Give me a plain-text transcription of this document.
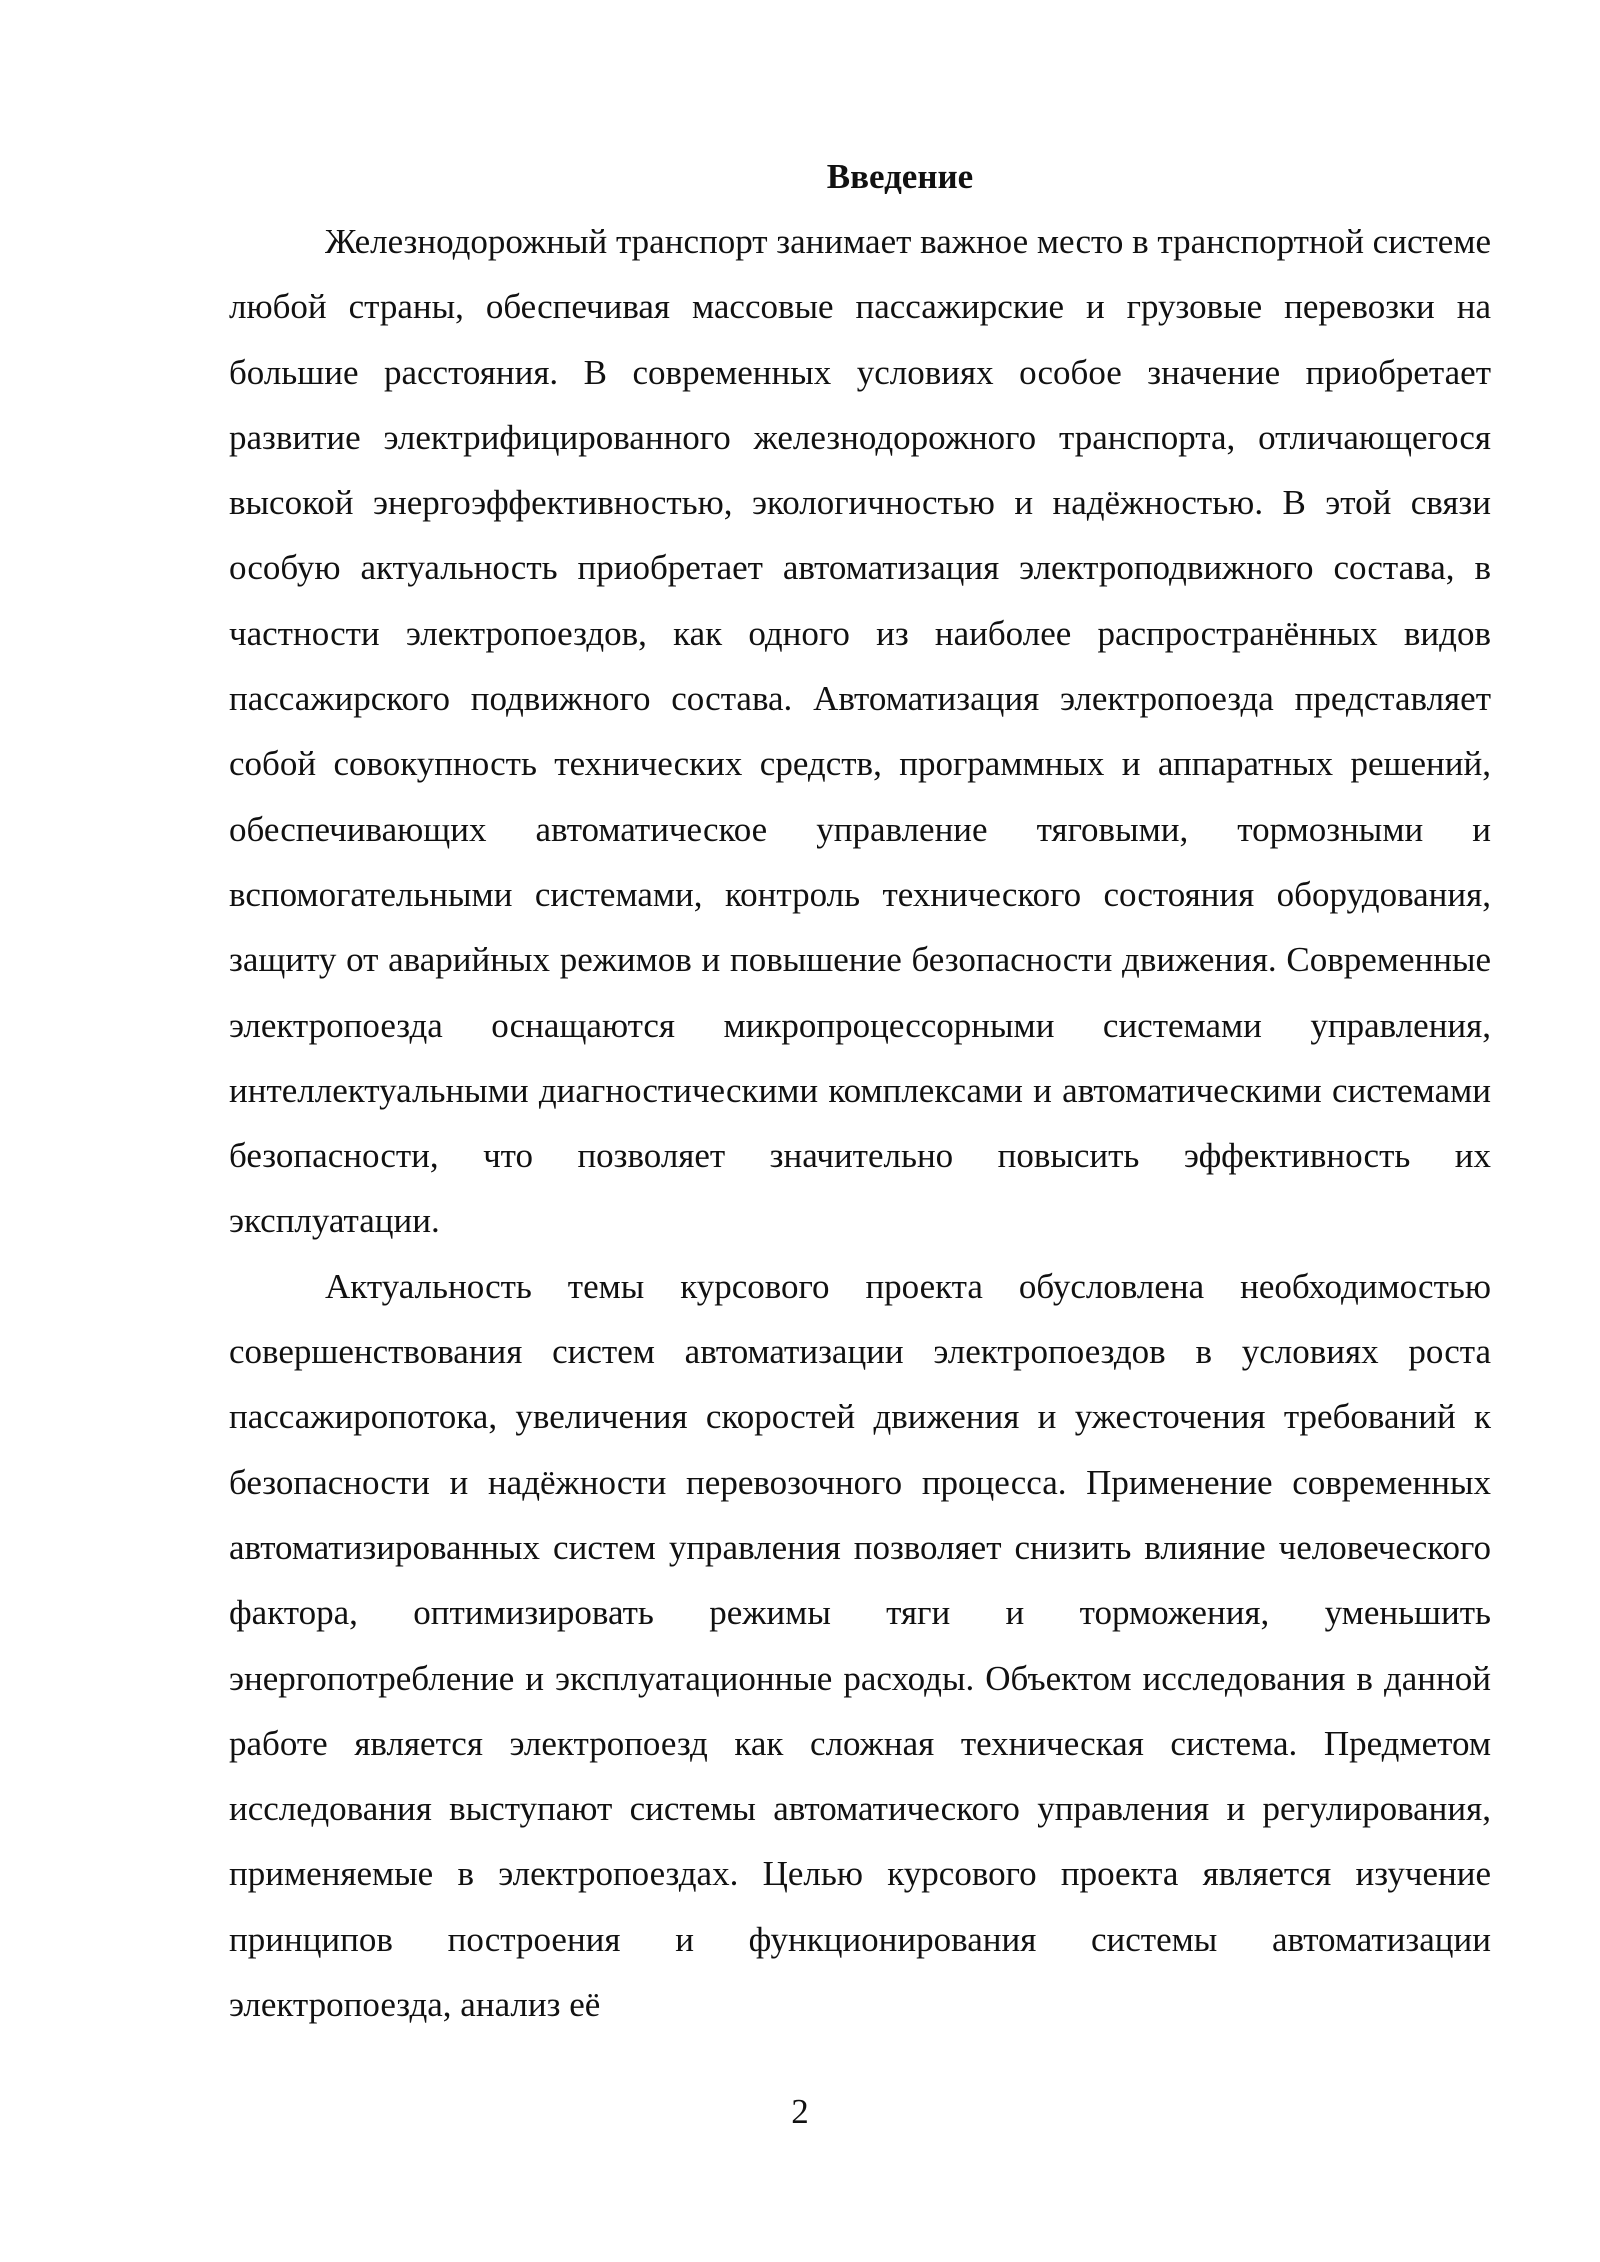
Введение

Железнодорожный транспорт занимает важное место в транспортной системе любой страны, обеспечивая массовые пассажирские и грузовые перевозки на большие расстояния. В современных условиях особое значение приобретает развитие электрифицированного железнодорожного транспорта, отличающегося высокой энергоэффективностью, экологичностью и надёжностью. В этой связи особую актуальность приобретает автоматизация электроподвижного состава, в частности электропоездов, как одного из наиболее распространённых видов пассажирского подвижного состава. Автоматизация электропоезда представляет собой совокупность технических средств, программных и аппаратных решений, обеспечивающих автоматическое управление тяговыми, тормозными и вспомогательными системами, контроль технического состояния оборудования, защиту от аварийных режимов и повышение безопасности движения. Современные электропоезда оснащаются микропроцессорными системами управления, интеллектуальными диагностическими комплексами и автоматическими системами безопасности, что позволяет значительно повысить эффективность их эксплуатации.

Актуальность темы курсового проекта обусловлена необходимостью совершенствования систем автоматизации электропоездов в условиях роста пассажиропотока, увеличения скоростей движения и ужесточения требований к безопасности и надёжности перевозочного процесса. Применение современных автоматизированных систем управления позволяет снизить влияние человеческого фактора, оптимизировать режимы тяги и торможения, уменьшить энергопотребление и эксплуатационные расходы. Объектом исследования в данной работе является электропоезд как сложная техническая система. Предметом исследования выступают системы автоматического управления и регулирования, применяемые в электропоездах. Целью курсового проекта является изучение принципов построения и функционирования системы автоматизации электропоезда, анализ её

2
